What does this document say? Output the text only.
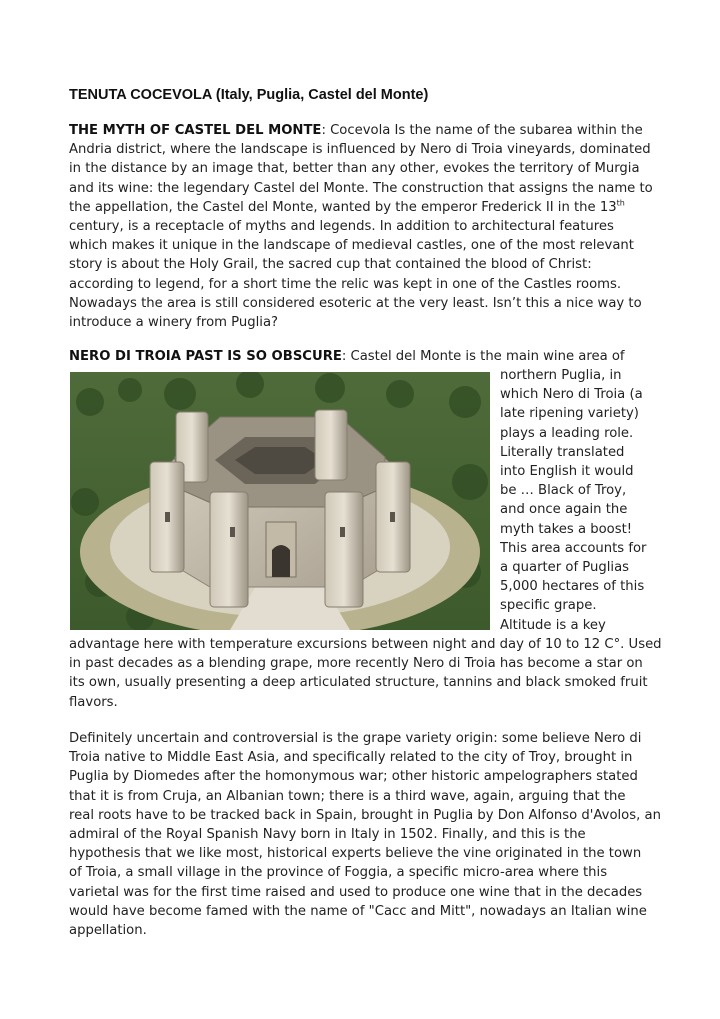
TENUTA COCEVOLA (Italy, Puglia, Castel del Monte)
THE MYTH OF CASTEL DEL MONTE: Cocevola Is the name of the subarea within the
Andria district, where the landscape is influenced by Nero di Troia vineyards, dominated
in the distance by an image that, better than any other, evokes the territory of Murgia
and its wine: the legendary Castel del Monte. The construction that assigns the name to
the appellation, the Castel del Monte, wanted by the emperor Frederick II in the 13th
century, is a receptacle of myths and legends. In addition to architectural features
which makes it unique in the landscape of medieval castles, one of the most relevant
story is about the Holy Grail, the sacred cup that contained the blood of Christ:
according to legend, for a short time the relic was kept in one of the Castles rooms.
Nowadays the area is still considered esoteric at the very least. Isn’t this a nice way to
introduce a winery from Puglia?
NERO DI TROIA PAST IS SO OBSCURE: Castel del Monte is the main wine area of
northern Puglia, in
which Nero di Troia (a
late ripening variety)
plays a leading role.
Literally translated
into English it would
be … Black of Troy,
and once again the
myth takes a boost!
This area accounts for
a quarter of Puglias
5,000 hectares of this
specific grape.
Altitude is a key
advantage here with temperature excursions between night and day of 10 to 12 C°. Used
in past decades as a blending grape, more recently Nero di Troia has become a star on
its own, usually presenting a deep articulated structure, tannins and black smoked fruit
flavors.
Definitely uncertain and controversial is the grape variety origin: some believe Nero di
Troia native to Middle East Asia, and specifically related to the city of Troy, brought in
Puglia by Diomedes after the homonymous war; other historic ampelographers stated
that it is from Cruja, an Albanian town; there is a third wave, again, arguing that the
real roots have to be tracked back in Spain, brought in Puglia by Don Alfonso d'Avolos, an
admiral of the Royal Spanish Navy born in Italy in 1502. Finally, and this is the
hypothesis that we like most, historical experts believe the vine originated in the town
of Troia, a small village in the province of Foggia, a specific micro-area where this
varietal was for the first time raised and used to produce one wine that in the decades
would have become famed with the name of "Cacc and Mitt", nowadays an Italian wine
appellation.
